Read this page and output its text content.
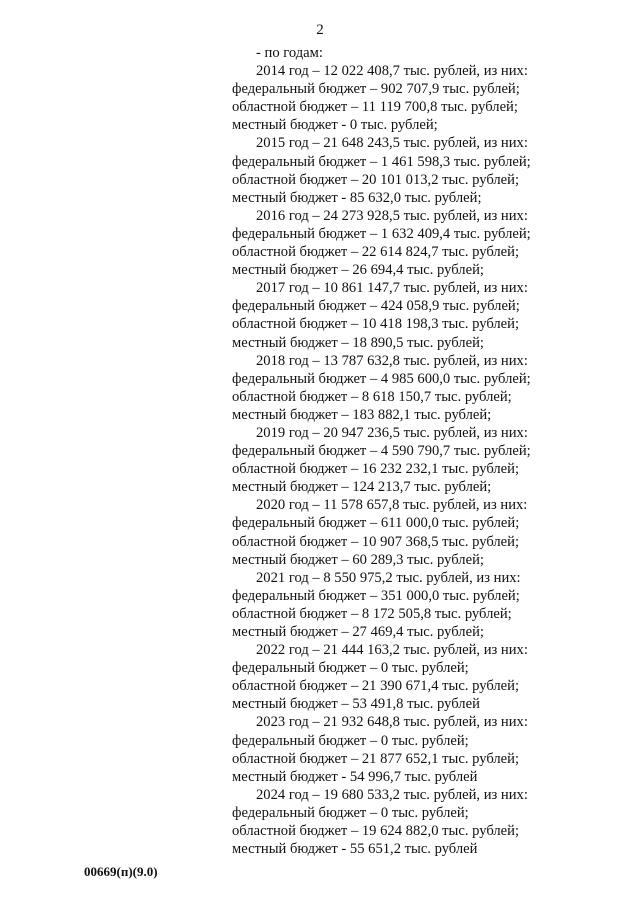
2
- по годам:
2014 год – 12 022 408,7 тыс. рублей, из них:
федеральный бюджет – 902 707,9 тыс. рублей;
областной бюджет – 11 119 700,8 тыс. рублей;
местный бюджет - 0 тыс. рублей;
2015 год – 21 648 243,5 тыс. рублей, из них:
федеральный бюджет – 1 461 598,3 тыс. рублей;
областной бюджет – 20 101 013,2 тыс. рублей;
местный бюджет - 85 632,0 тыс. рублей;
2016 год – 24 273 928,5 тыс. рублей, из них:
федеральный бюджет – 1 632 409,4 тыс. рублей;
областной бюджет – 22 614 824,7 тыс. рублей;
местный бюджет – 26 694,4 тыс. рублей;
2017 год – 10 861 147,7 тыс. рублей, из них:
федеральный бюджет – 424 058,9 тыс. рублей;
областной бюджет – 10 418 198,3 тыс. рублей;
местный бюджет – 18 890,5 тыс. рублей;
2018 год – 13 787 632,8 тыс. рублей, из них:
федеральный бюджет – 4 985 600,0 тыс. рублей;
областной бюджет – 8 618 150,7 тыс. рублей;
местный бюджет – 183 882,1 тыс. рублей;
2019 год – 20 947 236,5 тыс. рублей, из них:
федеральный бюджет – 4 590 790,7 тыс. рублей;
областной бюджет – 16 232 232,1 тыс. рублей;
местный бюджет – 124 213,7 тыс. рублей;
2020 год – 11 578 657,8 тыс. рублей, из них:
федеральный бюджет – 611 000,0 тыс. рублей;
областной бюджет – 10 907 368,5 тыс. рублей;
местный бюджет – 60 289,3 тыс. рублей;
2021 год – 8 550 975,2 тыс. рублей, из них:
федеральный бюджет – 351 000,0 тыс. рублей;
областной бюджет – 8 172 505,8 тыс. рублей;
местный бюджет – 27 469,4 тыс. рублей;
2022 год – 21 444 163,2 тыс. рублей, из них:
федеральный бюджет – 0 тыс. рублей;
областной бюджет – 21 390 671,4 тыс. рублей;
местный бюджет – 53 491,8 тыс. рублей
2023 год – 21 932 648,8 тыс. рублей, из них:
федеральный бюджет – 0 тыс. рублей;
областной бюджет – 21 877 652,1 тыс. рублей;
местный бюджет - 54 996,7 тыс. рублей
2024 год – 19 680 533,2 тыс. рублей, из них:
федеральный бюджет – 0 тыс. рублей;
областной бюджет – 19 624 882,0 тыс. рублей;
местный бюджет - 55 651,2 тыс. рублей
00669(п)(9.0)
